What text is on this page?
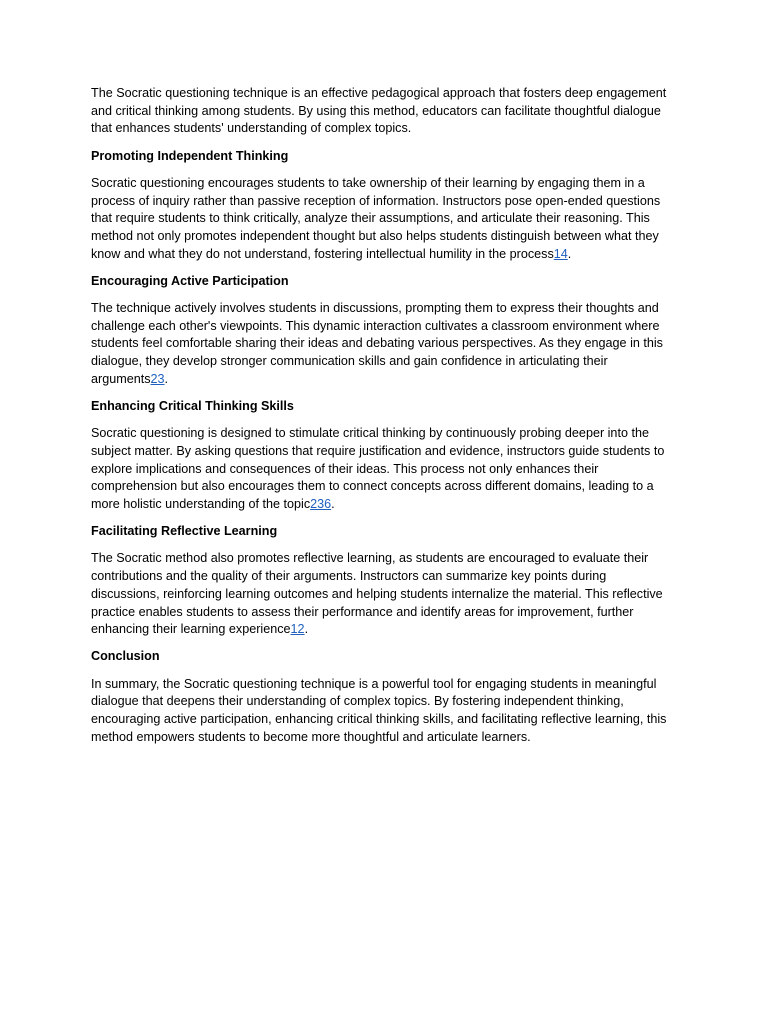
The Socratic questioning technique is an effective pedagogical approach that fosters deep engagement and critical thinking among students. By using this method, educators can facilitate thoughtful dialogue that enhances students' understanding of complex topics.

Promoting Independent Thinking

Socratic questioning encourages students to take ownership of their learning by engaging them in a process of inquiry rather than passive reception of information. Instructors pose open-ended questions that require students to think critically, analyze their assumptions, and articulate their reasoning. This method not only promotes independent thought but also helps students distinguish between what they know and what they do not understand, fostering intellectual humility in the process14.

Encouraging Active Participation

The technique actively involves students in discussions, prompting them to express their thoughts and challenge each other's viewpoints. This dynamic interaction cultivates a classroom environment where students feel comfortable sharing their ideas and debating various perspectives. As they engage in this dialogue, they develop stronger communication skills and gain confidence in articulating their arguments23.

Enhancing Critical Thinking Skills

Socratic questioning is designed to stimulate critical thinking by continuously probing deeper into the subject matter. By asking questions that require justification and evidence, instructors guide students to explore implications and consequences of their ideas. This process not only enhances their comprehension but also encourages them to connect concepts across different domains, leading to a more holistic understanding of the topic236.

Facilitating Reflective Learning

The Socratic method also promotes reflective learning, as students are encouraged to evaluate their contributions and the quality of their arguments. Instructors can summarize key points during discussions, reinforcing learning outcomes and helping students internalize the material. This reflective practice enables students to assess their performance and identify areas for improvement, further enhancing their learning experience12.

Conclusion

In summary, the Socratic questioning technique is a powerful tool for engaging students in meaningful dialogue that deepens their understanding of complex topics. By fostering independent thinking, encouraging active participation, enhancing critical thinking skills, and facilitating reflective learning, this method empowers students to become more thoughtful and articulate learners.
